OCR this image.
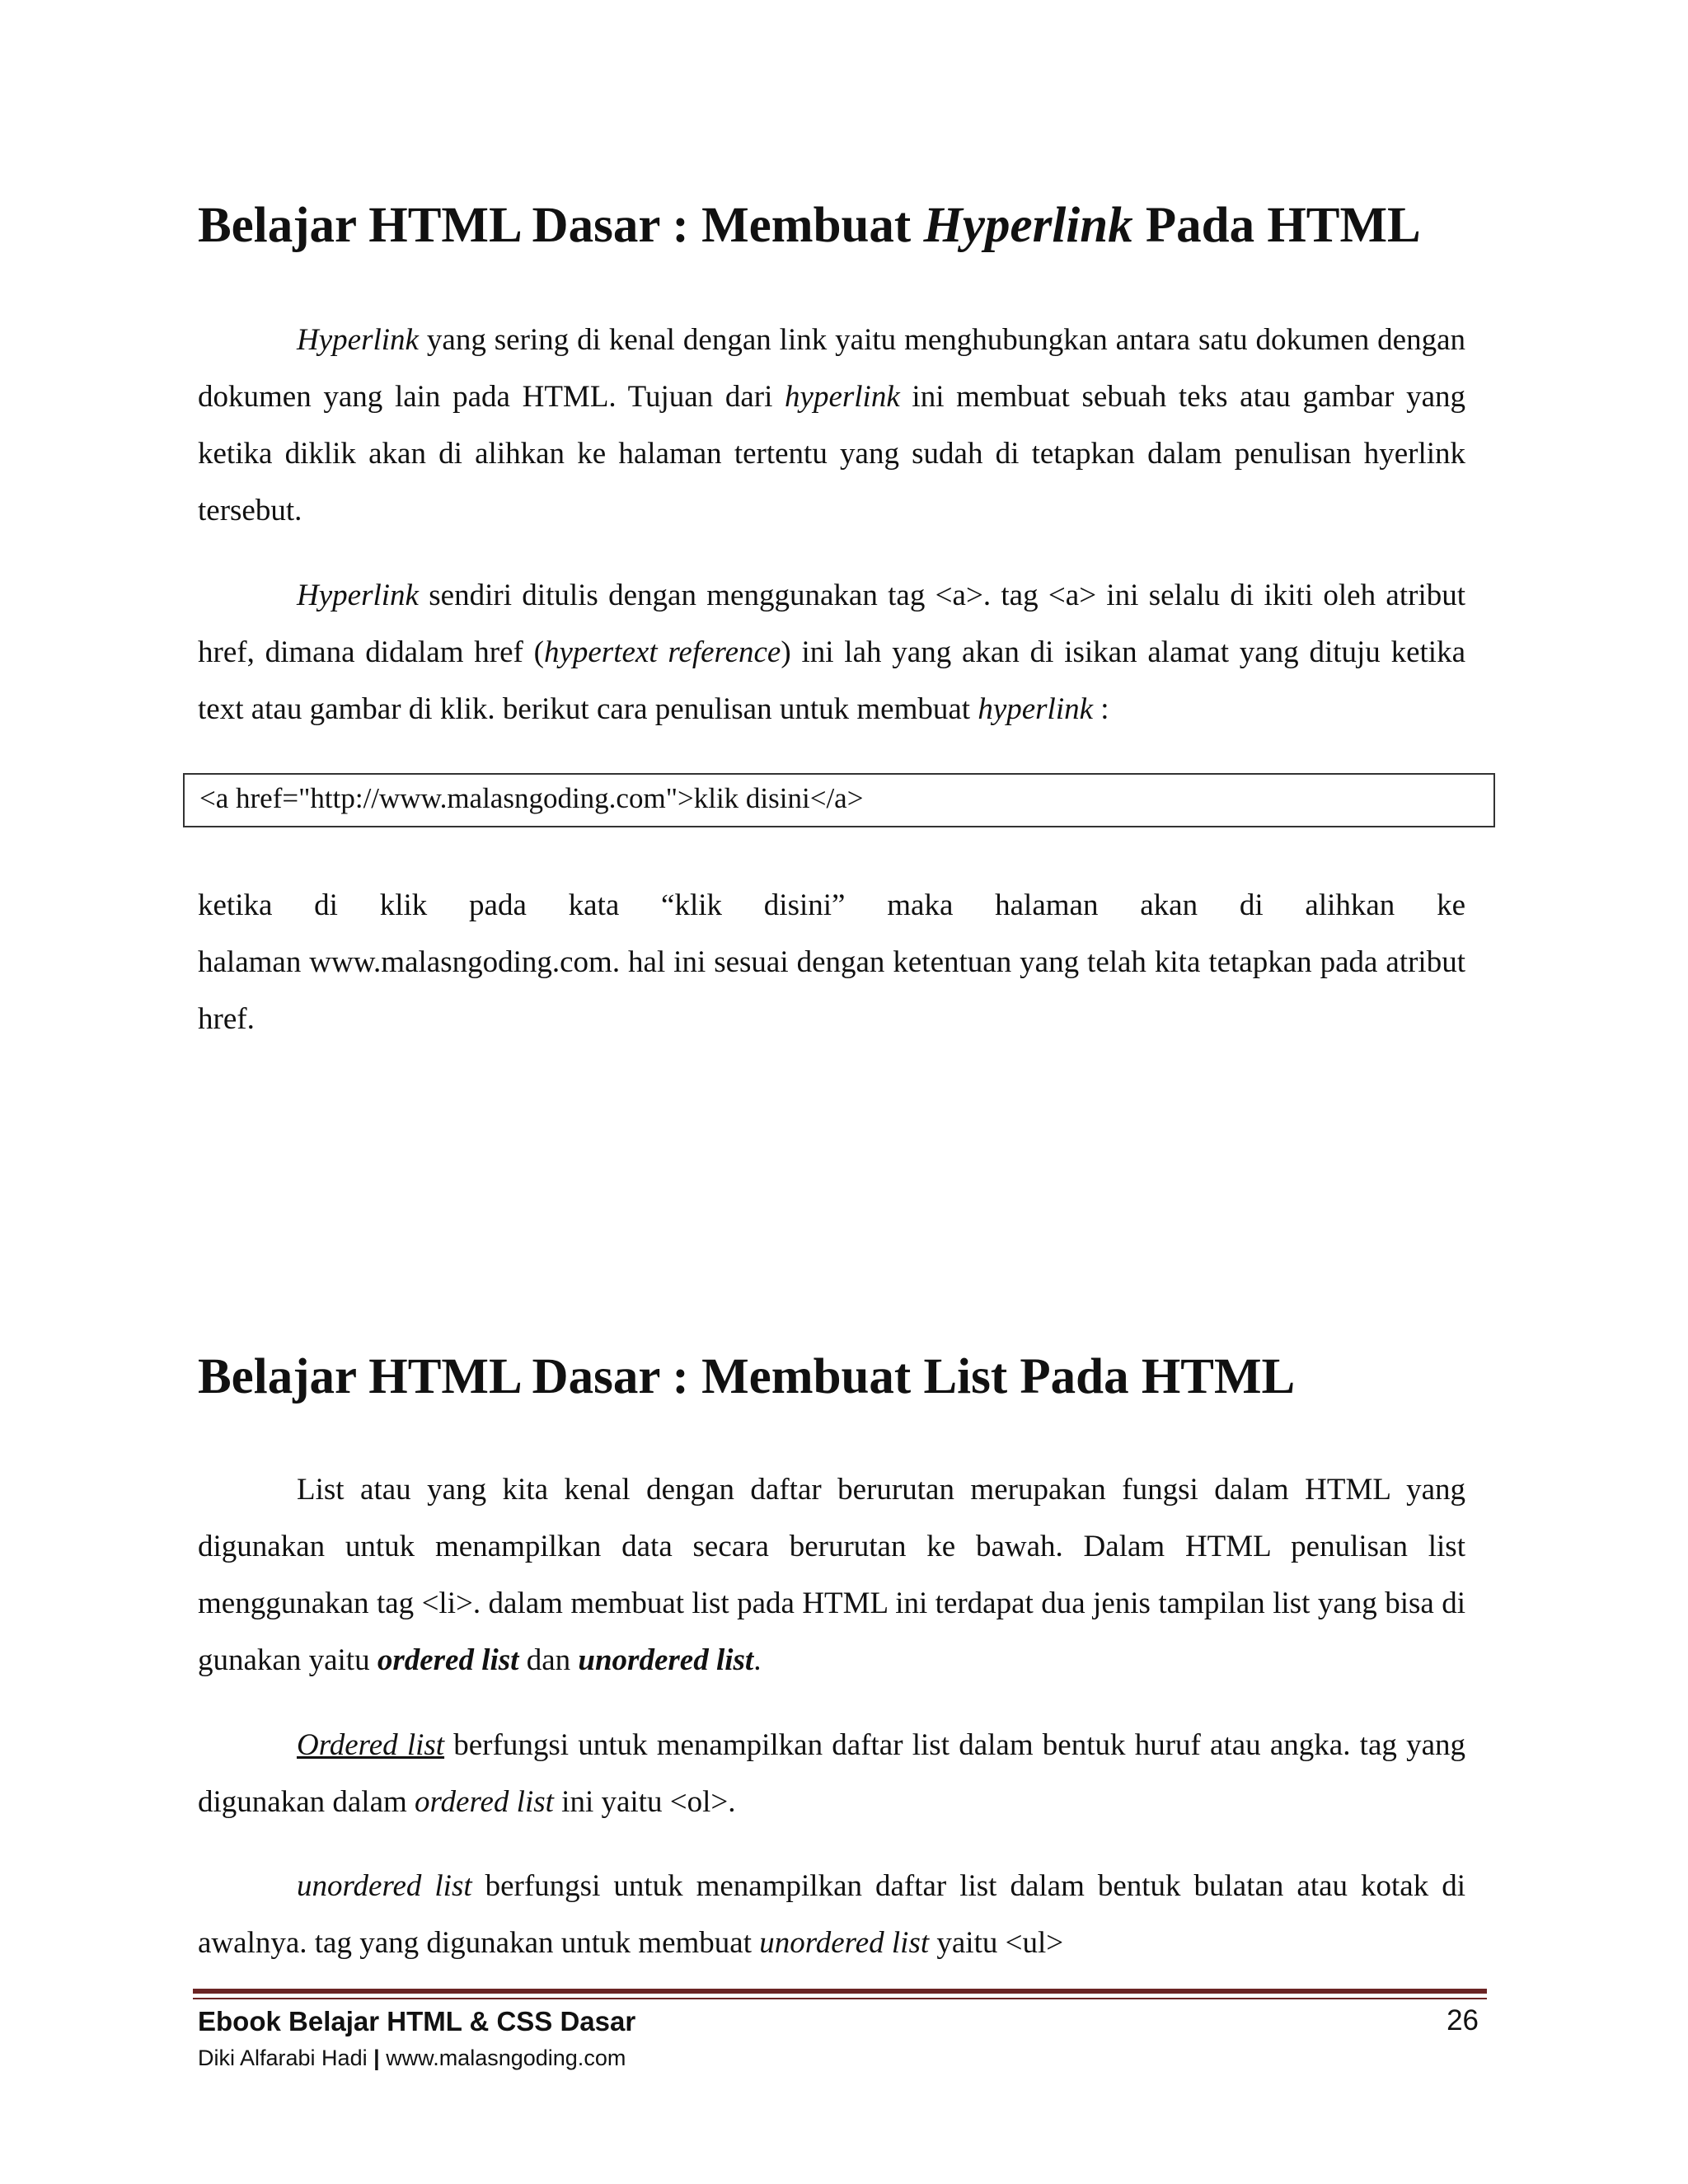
Belajar HTML Dasar : Membuat Hyperlink Pada HTML

Hyperlink yang sering di kenal dengan link yaitu menghubungkan antara satu dokumen dengan dokumen yang lain pada HTML. Tujuan dari hyperlink ini membuat sebuah teks atau gambar yang ketika diklik akan di alihkan ke halaman tertentu yang sudah di tetapkan dalam penulisan hyerlink tersebut.

Hyperlink sendiri ditulis dengan menggunakan tag <a>. tag <a> ini selalu di ikiti oleh atribut href, dimana didalam href (hypertext reference) ini lah yang akan di isikan alamat yang dituju ketika text atau gambar di klik. berikut cara penulisan untuk membuat hyperlink :

<a href="http://www.malasngoding.com">klik disini</a>

ketika di klik pada kata “klik disini” maka halaman akan di alihkan ke

halaman www.malasngoding.com. hal ini sesuai dengan ketentuan yang telah kita tetapkan pada atribut href.

Belajar HTML Dasar : Membuat List Pada HTML

List atau yang kita kenal dengan daftar berurutan merupakan fungsi dalam HTML yang digunakan untuk menampilkan data secara berurutan ke bawah. Dalam HTML penulisan list menggunakan tag <li>. dalam membuat list pada HTML ini terdapat dua jenis tampilan list yang bisa di gunakan yaitu ordered list dan unordered list.

Ordered list berfungsi untuk menampilkan daftar list dalam bentuk huruf atau angka. tag yang digunakan dalam ordered list ini yaitu <ol>.

unordered list berfungsi untuk menampilkan daftar list dalam bentuk bulatan atau kotak di awalnya. tag yang digunakan untuk membuat unordered list yaitu <ul>

Ebook Belajar HTML & CSS Dasar	26

Diki Alfarabi Hadi | www.malasngoding.com
